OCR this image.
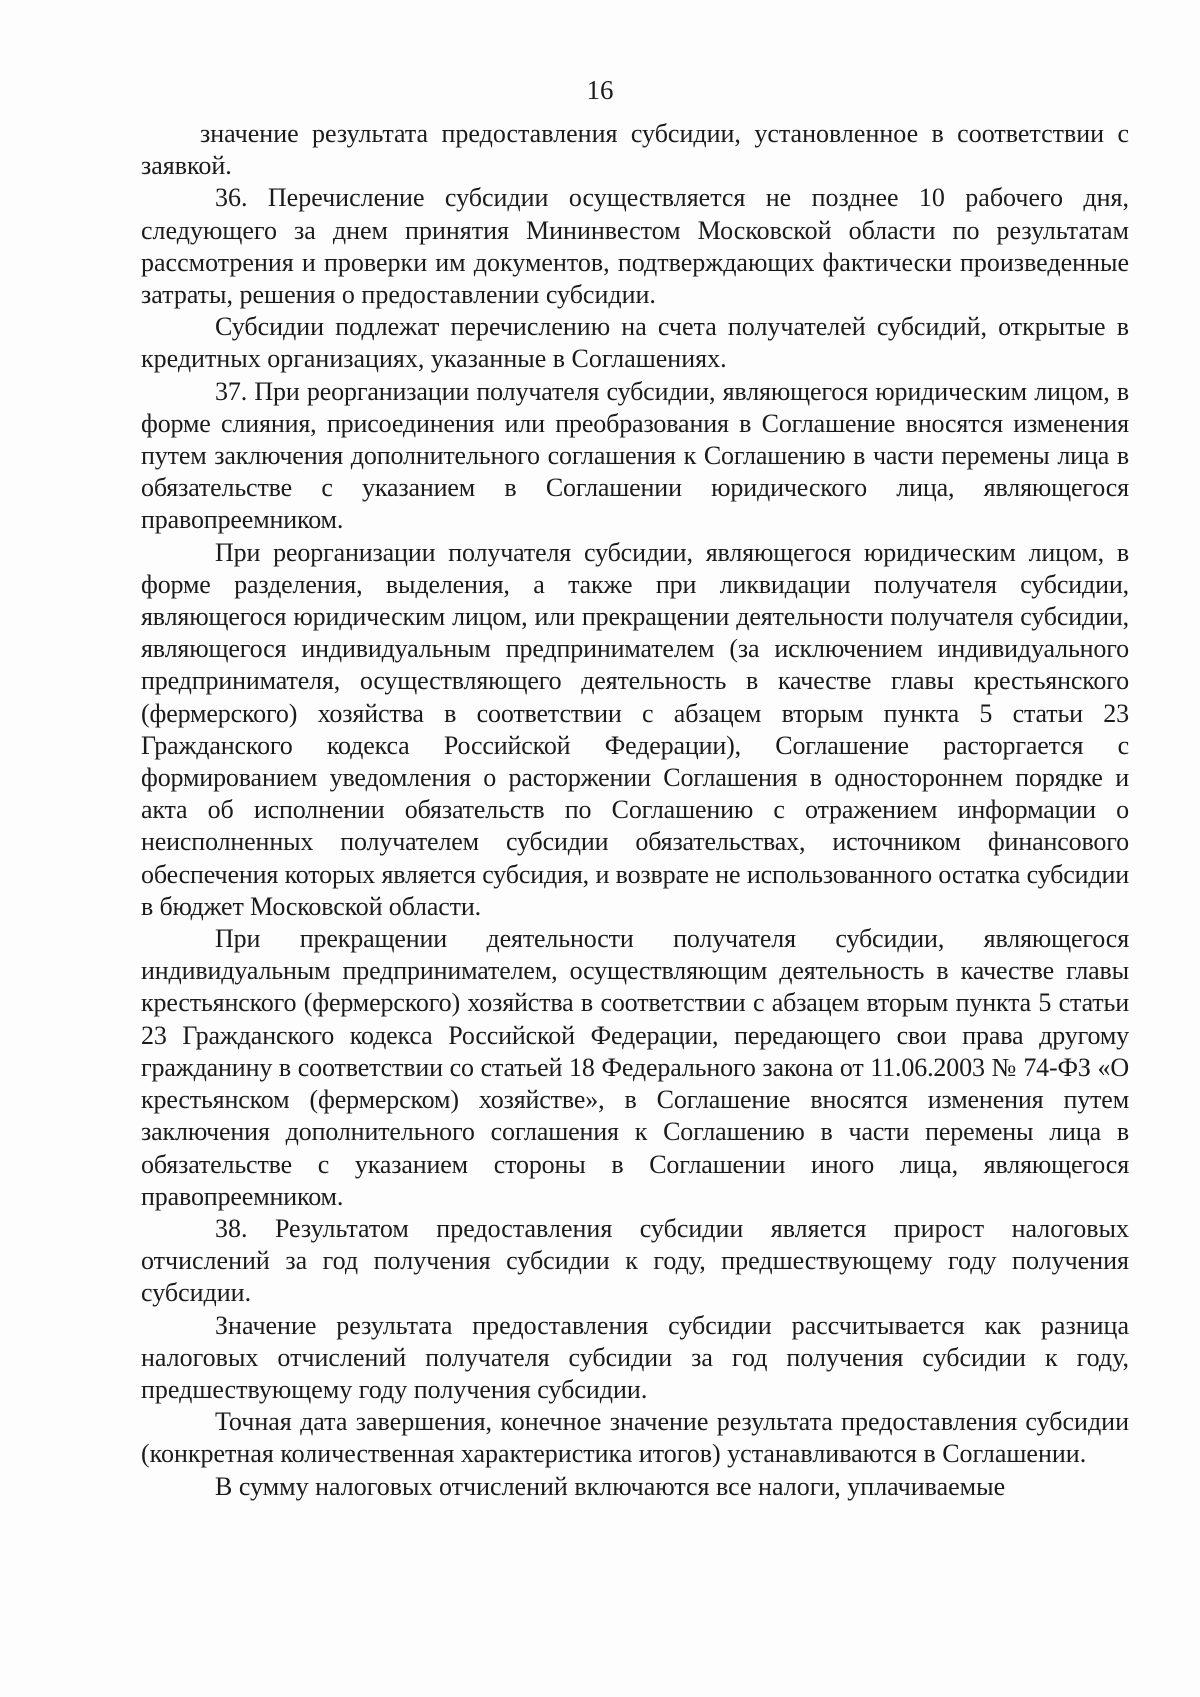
16

значение результата предоставления субсидии, установленное в соответствии с заявкой.

36. Перечисление субсидии осуществляется не позднее 10 рабочего дня, следующего за днем принятия Мининвестом Московской области по результатам рассмотрения и проверки им документов, подтверждающих фактически произведенные затраты, решения о предоставлении субсидии.

Субсидии подлежат перечислению на счета получателей субсидий, открытые в кредитных организациях, указанные в Соглашениях.

37. При реорганизации получателя субсидии, являющегося юридическим лицом, в форме слияния, присоединения или преобразования в Соглашение вносятся изменения путем заключения дополнительного соглашения к Соглашению в части перемены лица в обязательстве с указанием в Соглашении юридического лица, являющегося правопреемником.

При реорганизации получателя субсидии, являющегося юридическим лицом, в форме разделения, выделения, а также при ликвидации получателя субсидии, являющегося юридическим лицом, или прекращении деятельности получателя субсидии, являющегося индивидуальным предпринимателем (за исключением индивидуального предпринимателя, осуществляющего деятельность в качестве главы крестьянского (фермерского) хозяйства в соответствии с абзацем вторым пункта 5 статьи 23 Гражданского кодекса Российской Федерации), Соглашение расторгается с формированием уведомления о расторжении Соглашения в одностороннем порядке и акта об исполнении обязательств по Соглашению с отражением информации о неисполненных получателем субсидии обязательствах, источником финансового обеспечения которых является субсидия, и возврате не использованного остатка субсидии в бюджет Московской области.

При прекращении деятельности получателя субсидии, являющегося индивидуальным предпринимателем, осуществляющим деятельность в качестве главы крестьянского (фермерского) хозяйства в соответствии с абзацем вторым пункта 5 статьи 23 Гражданского кодекса Российской Федерации, передающего свои права другому гражданину в соответствии со статьей 18 Федерального закона от 11.06.2003 № 74-ФЗ «О крестьянском (фермерском) хозяйстве», в Соглашение вносятся изменения путем заключения дополнительного соглашения к Соглашению в части перемены лица в обязательстве с указанием стороны в Соглашении иного лица, являющегося правопреемником.

38. Результатом предоставления субсидии является прирост налоговых отчислений за год получения субсидии к году, предшествующему году получения субсидии.

Значение результата предоставления субсидии рассчитывается как разница налоговых отчислений получателя субсидии за год получения субсидии к году, предшествующему году получения субсидии.

Точная дата завершения, конечное значение результата предоставления субсидии (конкретная количественная характеристика итогов) устанавливаются в Соглашении.

В сумму налоговых отчислений включаются все налоги, уплачиваемые
